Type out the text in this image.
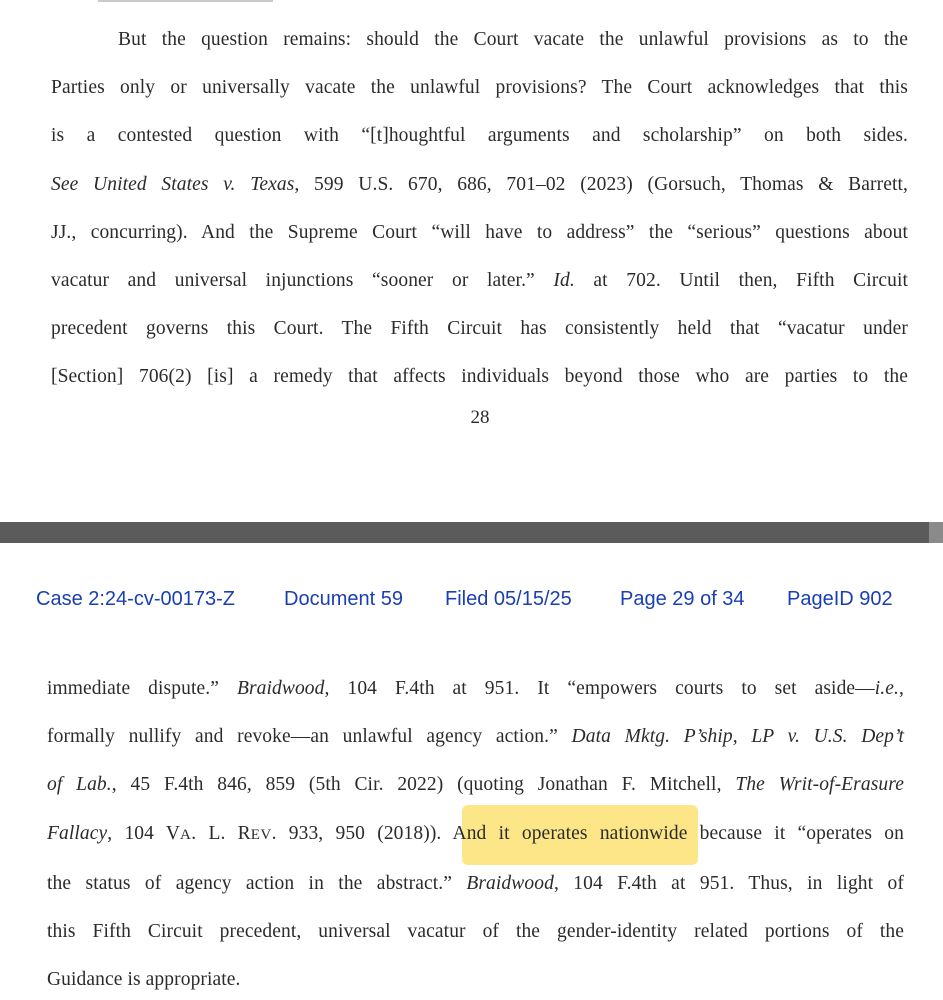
But the question remains: should the Court vacate the unlawful provisions as to the
Parties only or universally vacate the unlawful provisions? The Court acknowledges that this
is a contested question with “[t]houghtful arguments and scholarship” on both sides.
See United States v. Texas, 599 U.S. 670, 686, 701–02 (2023) (Gorsuch, Thomas & Barrett,
JJ., concurring). And the Supreme Court “will have to address” the “serious” questions about
vacatur and universal injunctions “sooner or later.” Id. at 702. Until then, Fifth Circuit
precedent governs this Court. The Fifth Circuit has consistently held that “vacatur under
[Section] 706(2) [is] a remedy that affects individuals beyond those who are parties to the
28
Case 2:24-cv-00173-Z Document 59 Filed 05/15/25 Page 29 of 34 PageID 902
immediate dispute.” Braidwood, 104 F.4th at 951. It “empowers courts to set aside—i.e.,
formally nullify and revoke—an unlawful agency action.” Data Mktg. P’ship, LP v. U.S. Dep’t
of Lab., 45 F.4th 846, 859 (5th Cir. 2022) (quoting Jonathan F. Mitchell, The Writ-of-Erasure
Fallacy, 104 VA. L. REV. 933, 950 (2018)). And it operates nationwide because it “operates on
the status of agency action in the abstract.” Braidwood, 104 F.4th at 951. Thus, in light of
this Fifth Circuit precedent, universal vacatur of the gender-identity related portions of the
Guidance is appropriate.
